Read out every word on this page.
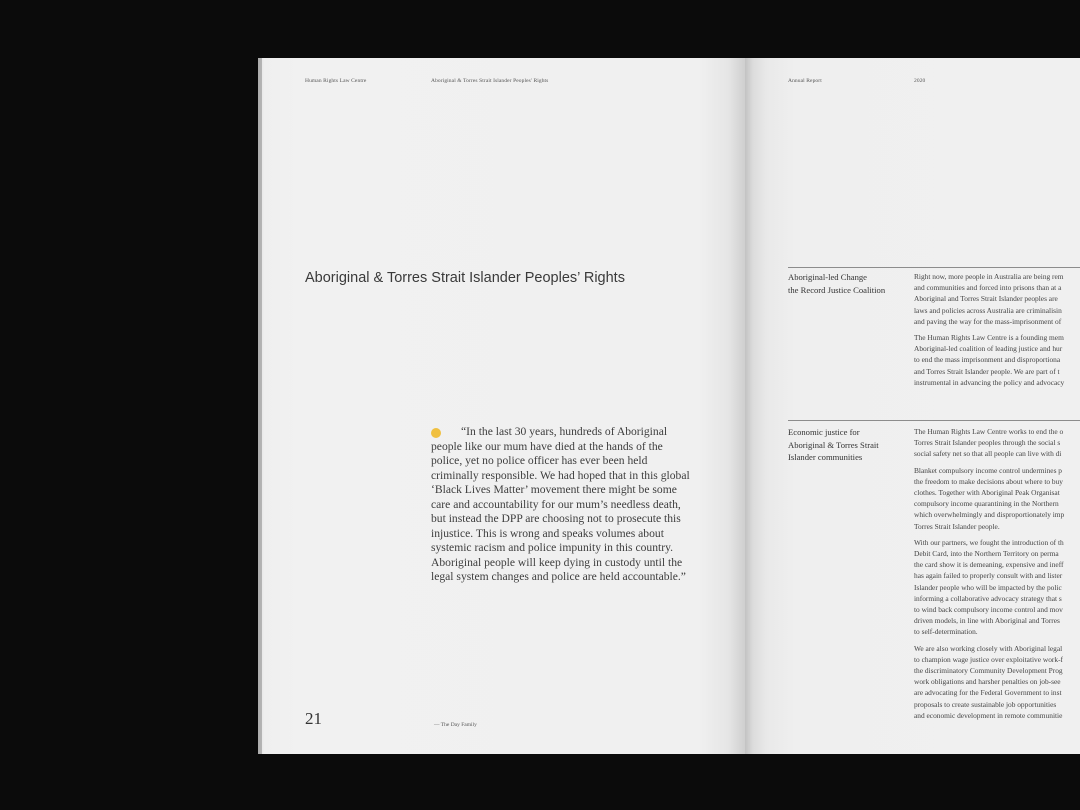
Human Rights Law Centre	Aboriginal & Torres Strait Islander Peoples' Rights
Aboriginal & Torres Strait Islander Peoples’ Rights
“In the last 30 years, hundreds of Aboriginal
people like our mum have died at the hands of the
police, yet no police officer has ever been held
criminally responsible. We had hoped that in this global
‘Black Lives Matter’ movement there might be some
care and accountability for our mum’s needless death,
but instead the DPP are choosing not to prosecute this
injustice. This is wrong and speaks volumes about
systemic racism and police impunity in this country.
Aboriginal people will keep dying in custody until the
legal system changes and police are held accountable.”
21	— The Day Family
Annual Report	2020
Aboriginal-led Change
the Record Justice Coalition
Right now, more people in Australia are being rem
and communities and forced into prisons than at a
Aboriginal and Torres Strait Islander peoples are
laws and policies across Australia are criminalisin
and paving the way for the mass-imprisonment of
The Human Rights Law Centre is a founding mem
Aboriginal-led coalition of leading justice and hur
to end the mass imprisonment and disproportiona
and Torres Strait Islander people. We are part of t
instrumental in advancing the policy and advocacy
Economic justice for
Aboriginal & Torres Strait
Islander communities
The Human Rights Law Centre works to end the o
Torres Strait Islander peoples through the social s
social safety net so that all people can live with di
Blanket compulsory income control undermines p
the freedom to make decisions about where to buy
clothes. Together with Aboriginal Peak Organisat
compulsory income quarantining in the Northern
which overwhelmingly and disproportionately imp
Torres Strait Islander people.
With our partners, we fought the introduction of th
Debit Card, into the Northern Territory on perma
the card show it is demeaning, expensive and ineff
has again failed to properly consult with and lister
Islander people who will be impacted by the polic
informing a collaborative advocacy strategy that s
to wind back compulsory income control and mov
driven models, in line with Aboriginal and Torres
to self-determination.
We are also working closely with Aboriginal legal
to champion wage justice over exploitative work-f
the discriminatory Community Development Prog
work obligations and harsher penalties on job-see
are advocating for the Federal Government to inst
proposals to create sustainable job opportunities
and economic development in remote communitie
